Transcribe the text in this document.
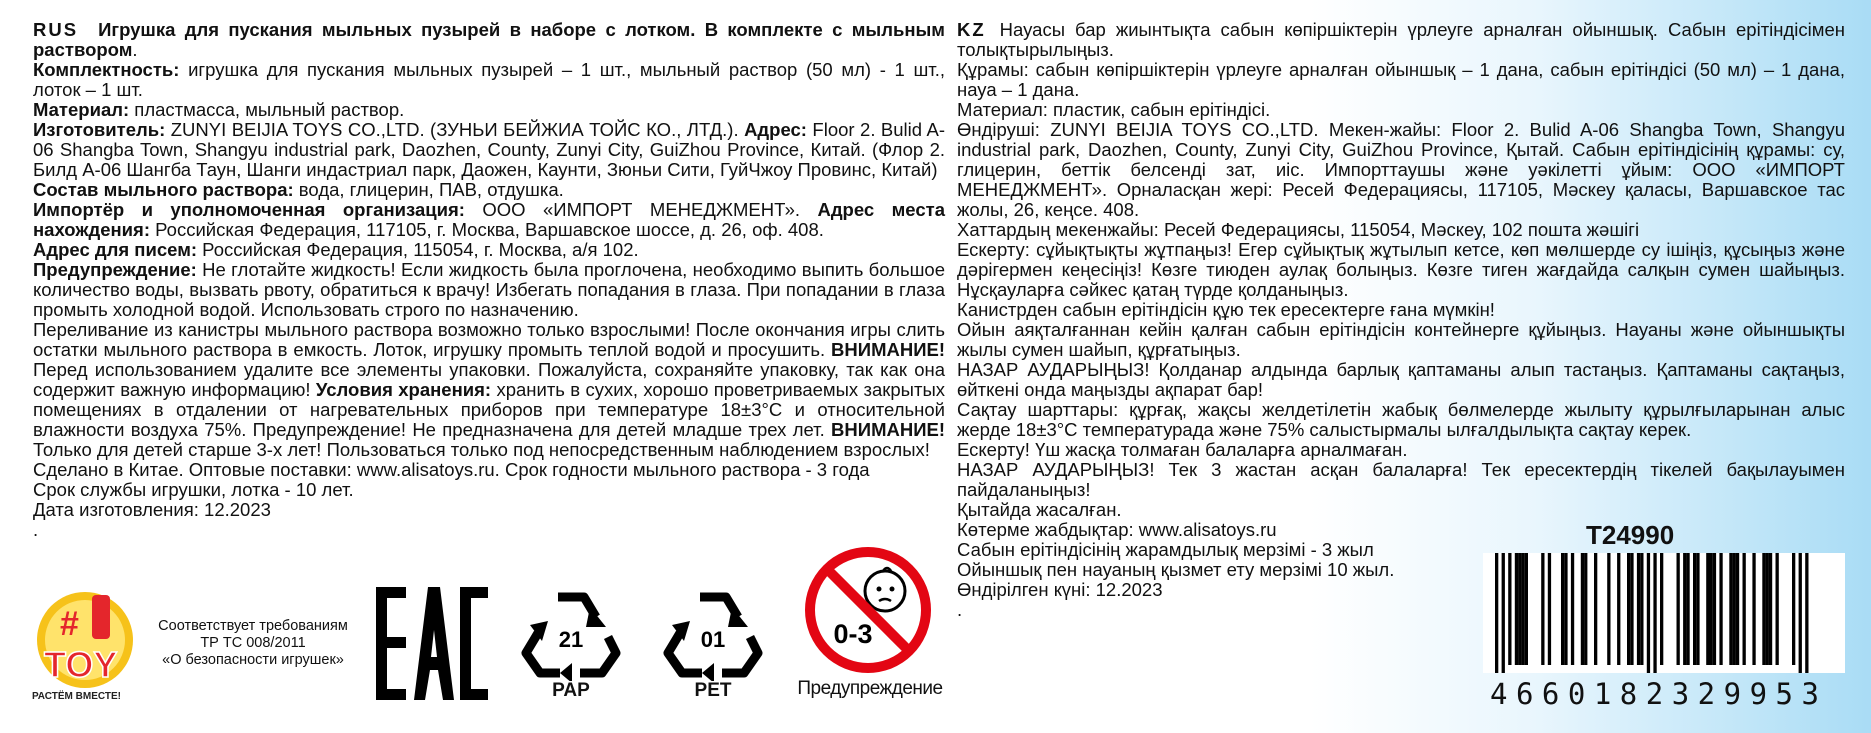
RUS Игрушка для пускания мыльных пузырей в наборе с лотком. В комплекте с мыльным раствором.

Комплектность: игрушка для пускания мыльных пузырей – 1 шт., мыльный раствор (50 мл) - 1 шт., лоток – 1 шт.

Материал: пластмасса, мыльный раствор.

Изготовитель: ZUNYI BEIJIA TOYS CO.,LTD. (ЗУНЬИ БЕЙЖИА ТОЙС КО., ЛТД.). Адрес: Floor 2. Bulid A-06 Shangba Town, Shangyu industrial park, Daozhen, County, Zunyi City, GuiZhou Province, Китай. (Флор 2. Билд А-06 Шангба Таун, Шанги индастриал парк, Даожен, Каунти, Зюньи Сити, ГуйЧжоу Провинс, Китай)

Состав мыльного раствора: вода, глицерин, ПАВ, отдушка.

Импортёр и уполномоченная организация: ООО «ИМПОРТ МЕНЕДЖМЕНТ». Адрес места нахождения: Российская Федерация, 117105, г. Москва, Варшавское шоссе, д. 26, оф. 408.

Адрес для писем: Российская Федерация, 115054, г. Москва, а/я 102.

Предупреждение: Не глотайте жидкость! Если жидкость была проглочена, необходимо выпить большое количество воды, вызвать рвоту, обратиться к врачу! Избегать попадания в глаза. При попадании в глаза промыть холодной водой. Использовать строго по назначению.

Переливание из канистры мыльного раствора возможно только взрослыми! После окончания игры слить остатки мыльного раствора в емкость. Лоток, игрушку промыть теплой водой и просушить. ВНИМАНИЕ! Перед использованием удалите все элементы упаковки. Пожалуйста, сохраняйте упаковку, так как она содержит важную информацию! Условия хранения: хранить в сухих, хорошо проветриваемых закрытых помещениях в отдалении от нагревательных приборов при температуре 18±3°C и относительной влажности воздуха 75%. Предупреждение! Не предназначена для детей младше трех лет. ВНИМАНИЕ! Только для детей старше 3-х лет! Пользоваться только под непосредственным наблюдением взрослых!

Сделано в Китае. Оптовые поставки: www.alisatoys.ru. Срок годности мыльного раствора - 3 года

Срок службы игрушки, лотка - 10 лет.

Дата изготовления: 12.2023

.

KZ Науасы бар жиынтықта сабын көпіршіктерін үрлеуге арналған ойыншық. Сабын ерітіндісімен толықтырылыңыз.

Құрамы: сабын көпіршіктерін үрлеуге арналған ойыншық – 1 дана, сабын ерітіндісі (50 мл) – 1 дана, науа – 1 дана.

Материал: пластик, сабын ерітіндісі.

Өндіруші: ZUNYI BEIJIA TOYS CO.,LTD. Мекен-жайы: Floor 2. Bulid A-06 Shangba Town, Shangyu industrial park, Daozhen, County, Zunyi City, GuiZhou Province, Қытай. Сабын ерітіндісінің құрамы: су, глицерин, беттік белсенді зат, иіс. Импорттаушы және уәкілетті ұйым: ООО «ИМПОРТ МЕНЕДЖМЕНТ». Орналасқан жері: Ресей Федерациясы, 117105, Мәскеу қаласы, Варшавское тас жолы, 26, кеңсе. 408.

Хаттардың мекенжайы: Ресей Федерациясы, 115054, Мәскеу, 102 пошта жәшігі

Ескерту: сұйықтықты жұтпаңыз! Егер сұйықтық жұтылып кетсе, көп мөлшерде су ішіңіз, құсыңыз және дәрігермен кеңесіңіз! Көзге тиюден аулақ болыңыз. Көзге тиген жағдайда салқын сумен шайыңыз. Нұсқауларға сәйкес қатаң түрде қолданыңыз.

Канистрден сабын ерітіндісін құю тек ересектерге ғана мүмкін!

Ойын аяқталғаннан кейін қалған сабын ерітіндісін контейнерге құйыңыз. Науаны және ойыншықты жылы сумен шайып, құрғатыңыз.

НАЗАР АУДАРЫҢЫЗ! Қолданар алдында барлық қаптаманы алып тастаңыз. Қаптаманы сақтаңыз, өйткені онда маңызды ақпарат бар!

Сақтау шарттары: құрғақ, жақсы желдетілетін жабық бөлмелерде жылыту құрылғыларынан алыс жерде 18±3°C температурада және 75% салыстырмалы ылғалдылықта сақтау керек.

Ескерту! Үш жасқа толмаған балаларға арналмаған.

НАЗАР АУДАРЫҢЫЗ! Тек 3 жастан асқан балаларға! Тек ересектердің тікелей бақылауымен пайдаланыңыз!

Қытайда жасалған.

Көтерме жабдықтар: www.alisatoys.ru

Сабын ерітіндісінің жарамдылық мерзімі - 3 жыл

Ойыншық пен науаның қызмет ету мерзімі 10 жыл.

Өндірілген күні: 12.2023

.

#
TOY
РАСТЁМ ВМЕСТЕ!
Соответствует требованиям
ТР ТС 008/2011
«О безопасности игрушек»
21
PAP
01
PET
0-3
Предупреждение
T24990
4660182329953
